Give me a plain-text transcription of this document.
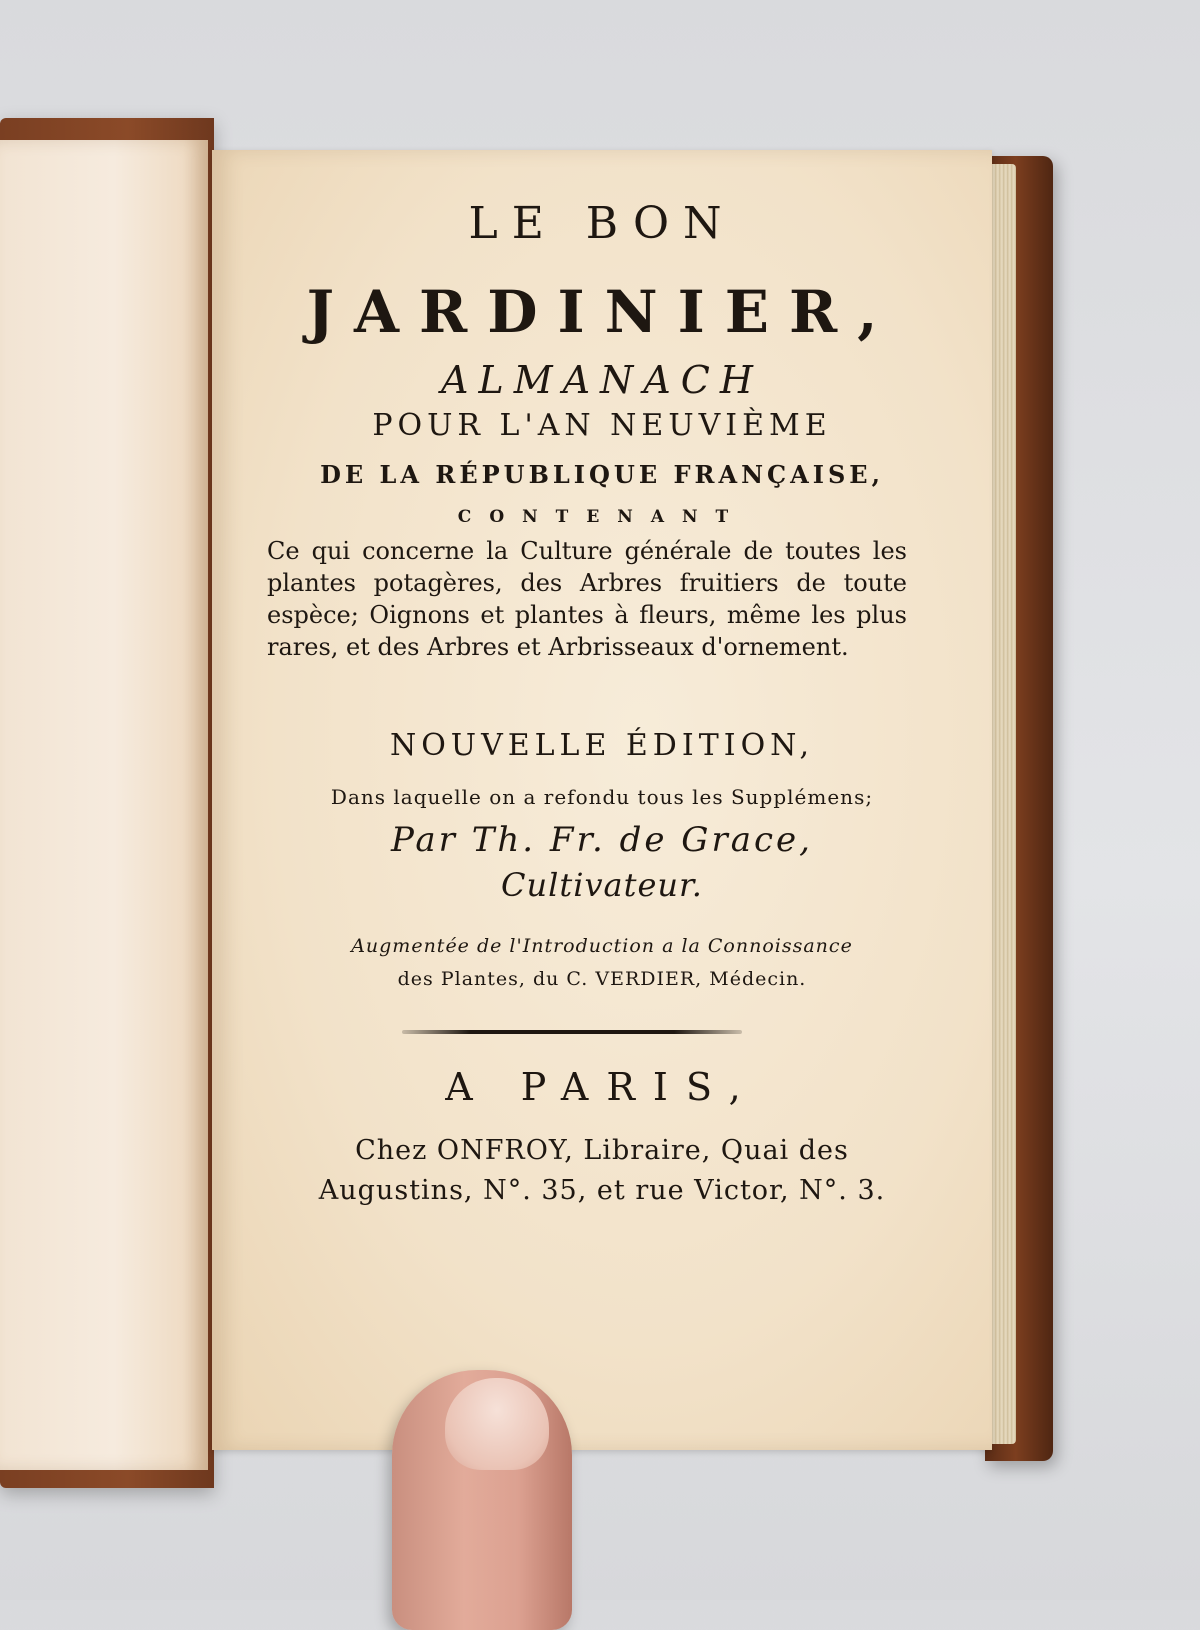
LE BON
JARDINIER,
ALMANACH
POUR L'AN NEUVIÈME
DE LA RÉPUBLIQUE FRANÇAISE,
CONTENANT
Ce qui concerne la Culture générale de toutes les plantes potagères, des Arbres fruitiers de toute espèce; Oignons et plantes à fleurs, même les plus rares, et des Arbres et Arbrisseaux d'ornement.
NOUVELLE ÉDITION,
Dans laquelle on a refondu tous les Supplémens;
Par Th. Fr. de Grace,
Cultivateur.
Augmentée de l'Introduction a la Connoissance
des Plantes, du C. VERDIER, Médecin.
A PARIS,
Chez ONFROY, Libraire, Quai des
Augustins, N°. 35, et rue Victor, N°. 3.
